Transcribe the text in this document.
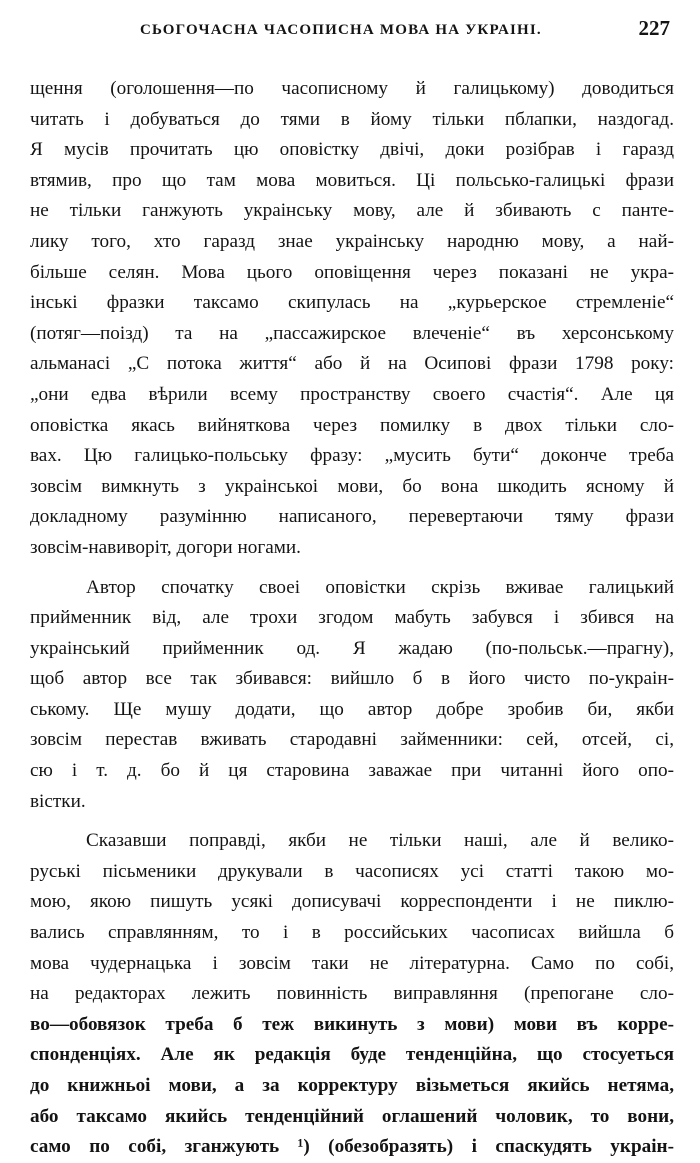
СЬОГОЧАСНА ЧАСОПИСНА МОВА НА УКРАІНІ.	227
щення (оголошення—по часописному й галицькому) доводиться
читать і добуваться до тями в йому тільки пблапки, наздогад.
Я мусів прочитать цю оповістку двічі, доки розібрав і гаразд
втямив, про що там мова мовиться. Ці польсько-галицькі фрази
не тільки ганжують украінську мову, але й збивають с панте-
лику того, хто гаразд знае украінську народню мову, а най-
більше селян. Мова цього оповіщення через показані не укра-
інські фразки таксамо скипулась на „курьерское стремленіе“
(потяг—поізд) та на „пассажирское влеченіе“ въ херсонському
альманасі „С потока життя“ або й на Осипові фрази 1798 року:
„они едва вѣрили всему пространству своего счастія“. Але ця
оповістка якась вийняткова через помилку в двох тільки сло-
вах. Цю галицько-польську фразу: „мусить бути“ доконче треба
зовсім вимкнуть з украінськоі мови, бо вона шкодить ясному й
докладному разумінню написаного, перевертаючи тяму фрази
зовсім-навиворіт, догори ногами.
Автор спочатку своеі оповістки скрізь вживае галицький
прийменник від, але трохи згодом мабуть забувся і збився на
украінський прийменник од. Я жадаю (по-польськ.—прагну),
щоб автор все так збивався: вийшло б в його чисто по-украін-
ському. Ще мушу додати, що автор добре зробив би, якби
зовсім перестав вживать стародавні займенники: сей, отсей, сі,
сю і т. д. бо й ця старовина заважае при читанні його опо-
вістки.
Сказавши поправді, якби не тільки наші, але й велико-
руські пісьменики друкували в часописях усі статті такою мо-
мою, якою пишуть усякі дописувачі корреспонденти і не пиклю-
вались справлянням, то і в российських часописах вийшла б
мова чудернацька і зовсім таки не літературна. Само по собі,
на редакторах лежить повинність виправляння (препогане сло-
во—обовязок треба б теж викинуть з мови) мови въ корре-
спонденціях. Але як редакція буде тенденційна, що стосуеться
до книжньоі мови, а за корректуру візьметься якийсь нетяма,
або таксамо якийсь тенденційний оглашений чоловик, то вони,
само по собі, зганжують ¹) (обезобразять) і спаскудять украін-
